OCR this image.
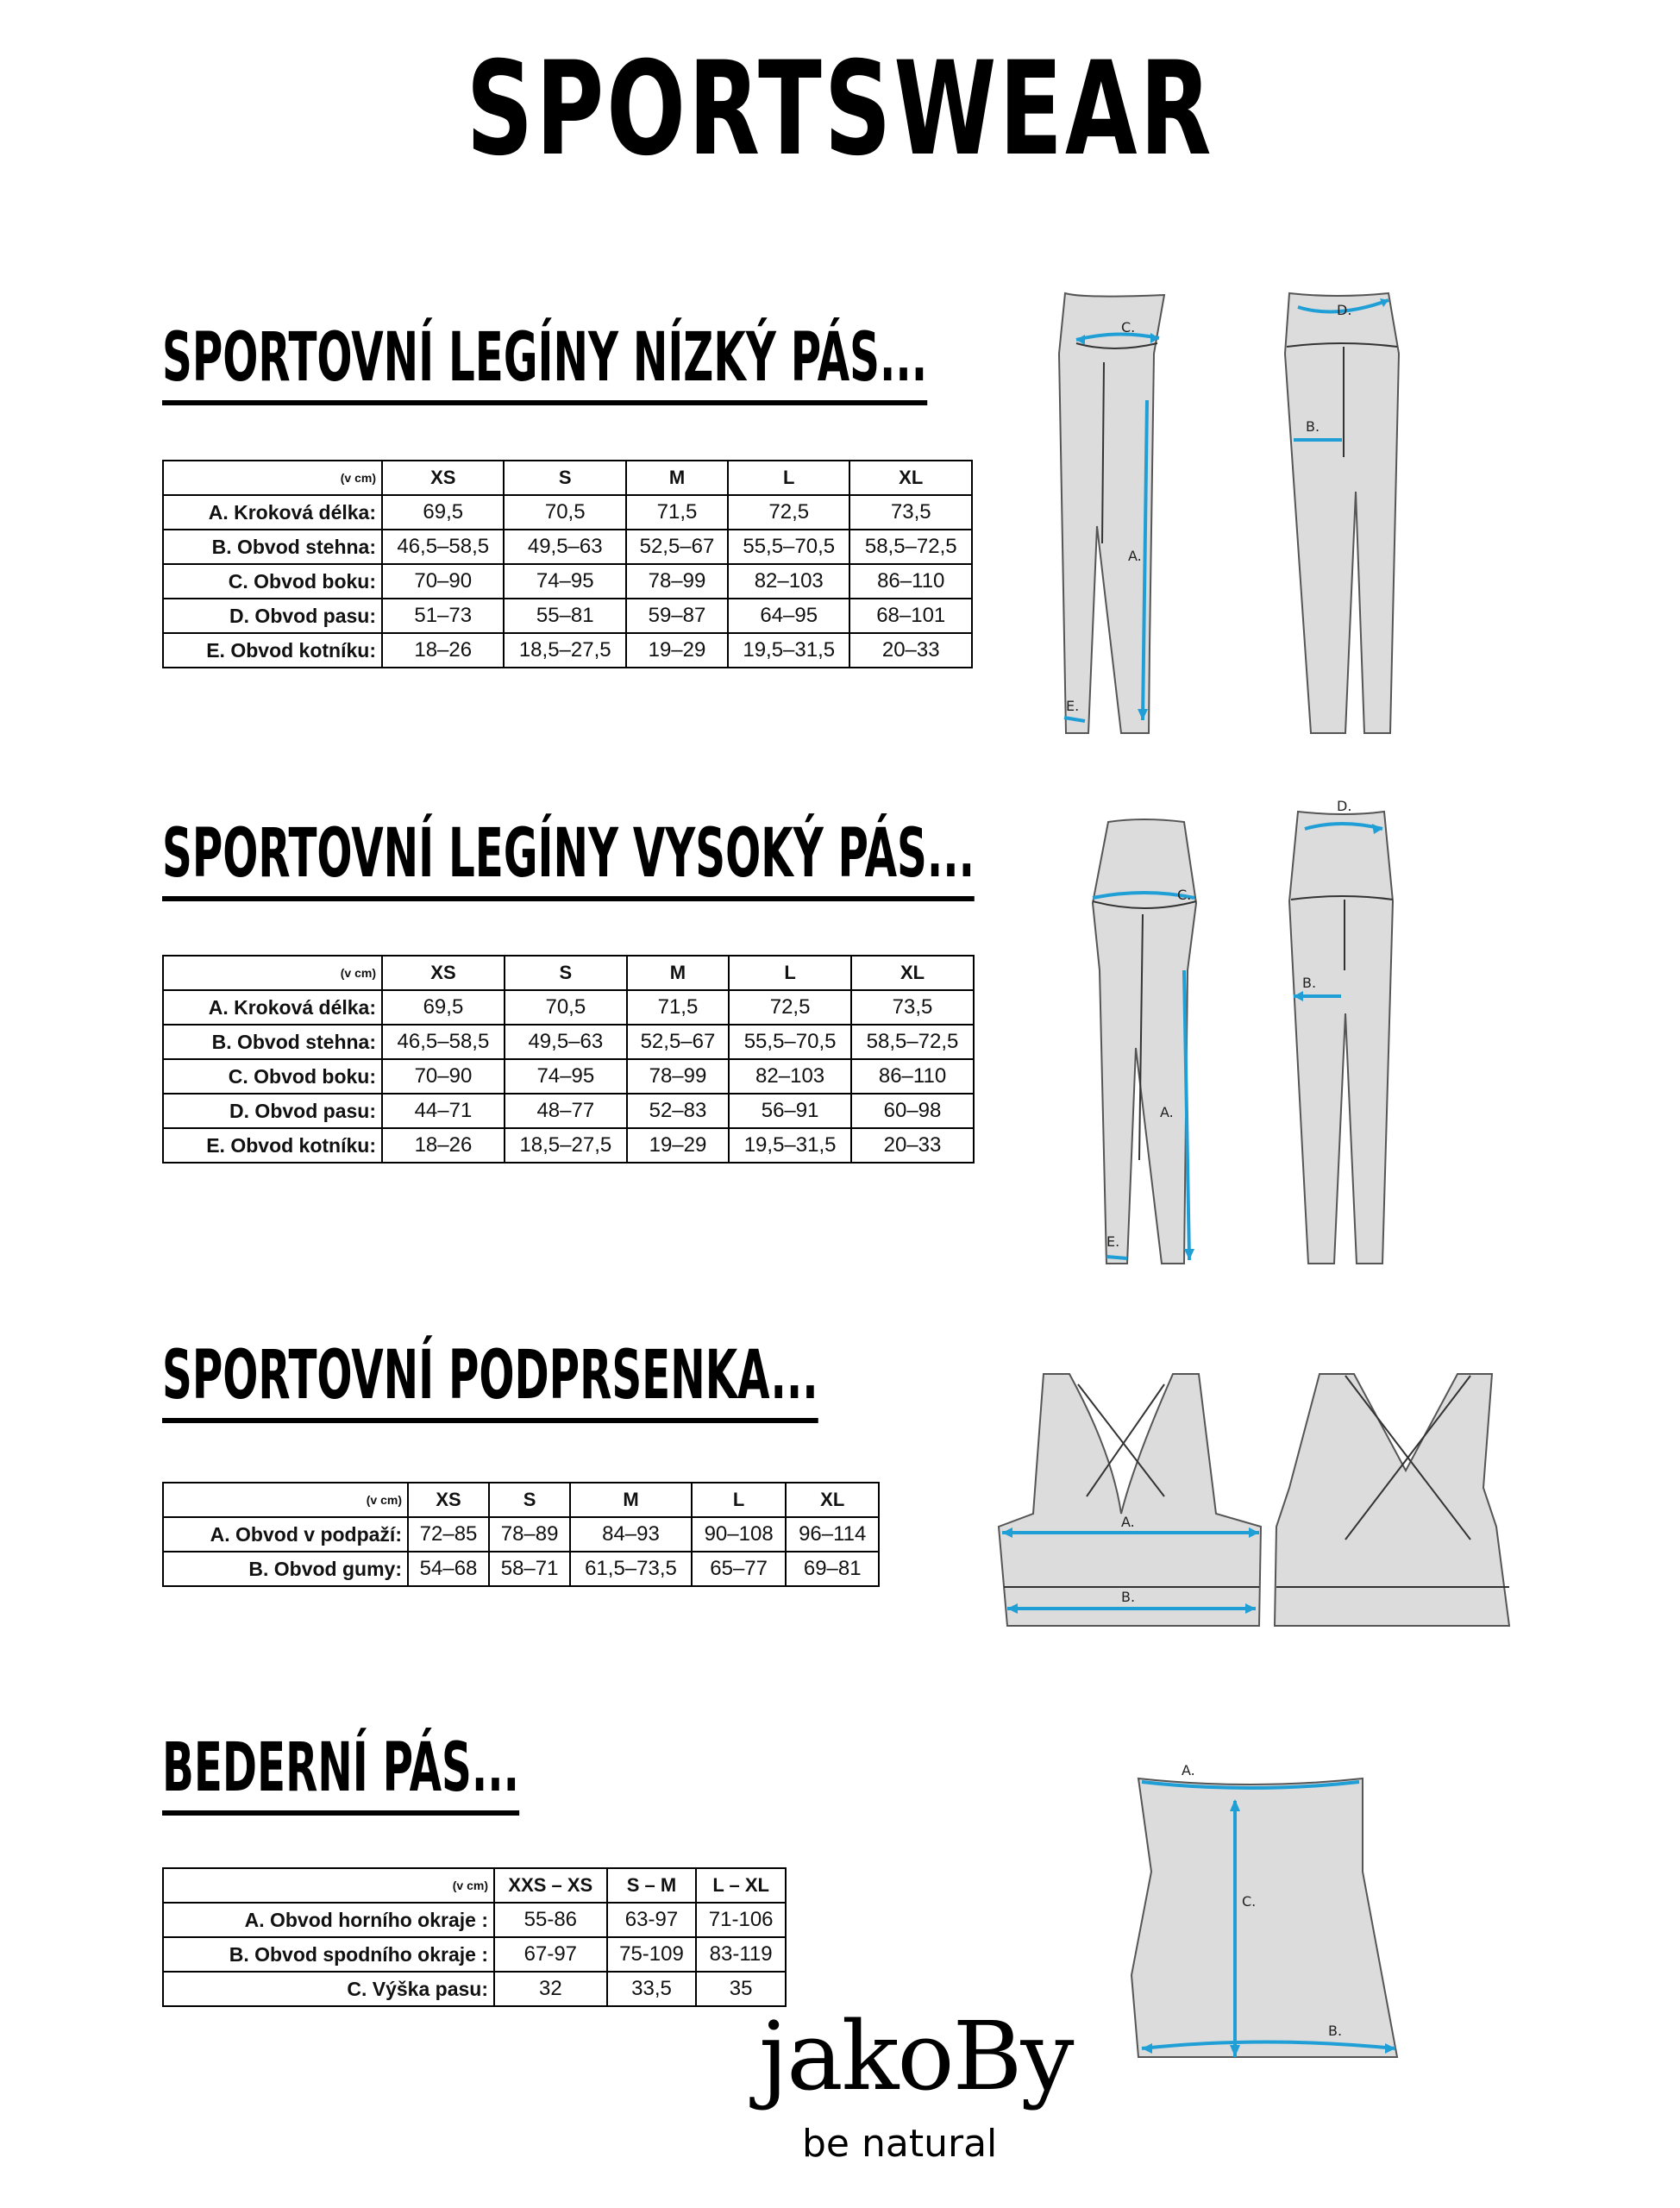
SPORTSWEAR
SPORTOVNÍ LEGÍNY NÍZKÝ PÁS...
(v cm)	XS	S	M	L	XL
A. Kroková délka:	69,5	70,5	71,5	72,5	73,5
B. Obvod stehna:	46,5–58,5	49,5–63	52,5–67	55,5–70,5	58,5–72,5
C. Obvod boku:	70–90	74–95	78–99	82–103	86–110
D. Obvod pasu:	51–73	55–81	59–87	64–95	68–101
E. Obvod kotníku:	18–26	18,5–27,5	19–29	19,5–31,5	20–33
C.
D.
B.
A.
E.
SPORTOVNÍ LEGÍNY VYSOKÝ PÁS...
(v cm)	XS	S	M	L	XL
A. Kroková délka:	69,5	70,5	71,5	72,5	73,5
B. Obvod stehna:	46,5–58,5	49,5–63	52,5–67	55,5–70,5	58,5–72,5
C. Obvod boku:	70–90	74–95	78–99	82–103	86–110
D. Obvod pasu:	44–71	48–77	52–83	56–91	60–98
E. Obvod kotníku:	18–26	18,5–27,5	19–29	19,5–31,5	20–33
C.
D.
B.
A.
E.
SPORTOVNÍ PODPRSENKA...
(v cm)	XS	S	M	L	XL
A. Obvod v podpaží:	72–85	78–89	84–93	90–108	96–114
B. Obvod gumy:	54–68	58–71	61,5–73,5	65–77	69–81
A.
B.
BEDERNÍ PÁS...
(v cm)	XXS – XS	S – M	L – XL
A. Obvod horního okraje :	55-86	63-97	71-106
B. Obvod spodního okraje :	67-97	75-109	83-119
C. Výška pasu:	32	33,5	35
A.
C.
B.
jakoBy
be natural
